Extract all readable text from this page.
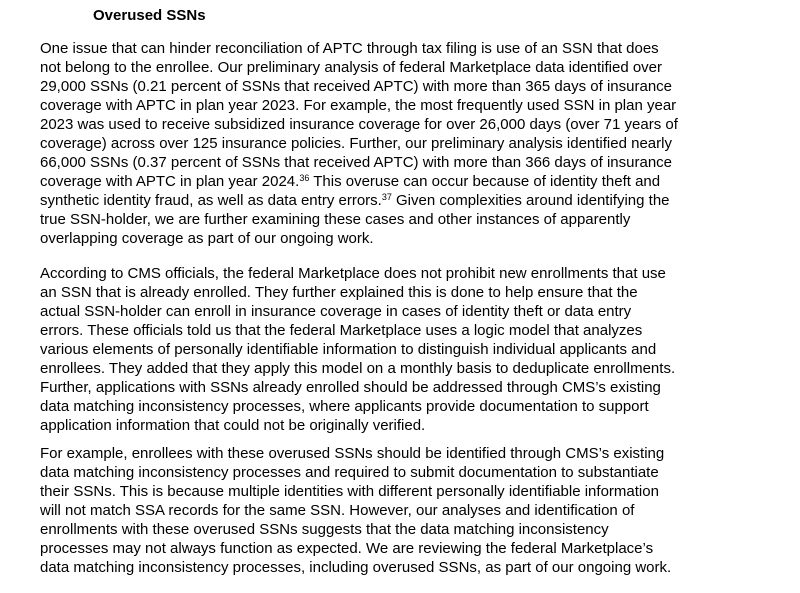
Overused SSNs
One issue that can hinder reconciliation of APTC through tax filing is use of an SSN that does
not belong to the enrollee. Our preliminary analysis of federal Marketplace data identified over
29,000 SSNs (0.21 percent of SSNs that received APTC) with more than 365 days of insurance
coverage with APTC in plan year 2023. For example, the most frequently used SSN in plan year
2023 was used to receive subsidized insurance coverage for over 26,000 days (over 71 years of
coverage) across over 125 insurance policies. Further, our preliminary analysis identified nearly
66,000 SSNs (0.37 percent of SSNs that received APTC) with more than 366 days of insurance
coverage with APTC in plan year 2024.36 This overuse can occur because of identity theft and
synthetic identity fraud, as well as data entry errors.$^{37}$ Given complexities around identifying the
true SSN-holder, we are further examining these cases and other instances of apparently
overlapping coverage as part of our ongoing work.
According to CMS officials, the federal Marketplace does not prohibit new enrollments that use
an SSN that is already enrolled. They further explained this is done to help ensure that the
actual SSN-holder can enroll in insurance coverage in cases of identity theft or data entry
errors. These officials told us that the federal Marketplace uses a logic model that analyzes
various elements of personally identifiable information to distinguish individual applicants and
enrollees. They added that they apply this model on a monthly basis to deduplicate enrollments.
Further, applications with SSNs already enrolled should be addressed through CMS’s existing
data matching inconsistency processes, where applicants provide documentation to support
application information that could not be originally verified.
For example, enrollees with these overused SSNs should be identified through CMS’s existing
data matching inconsistency processes and required to submit documentation to substantiate
their SSNs. This is because multiple identities with different personally identifiable information
will not match SSA records for the same SSN. However, our analyses and identification of
enrollments with these overused SSNs suggests that the data matching inconsistency
processes may not always function as expected. We are reviewing the federal Marketplace’s
data matching inconsistency processes, including overused SSNs, as part of our ongoing work.
